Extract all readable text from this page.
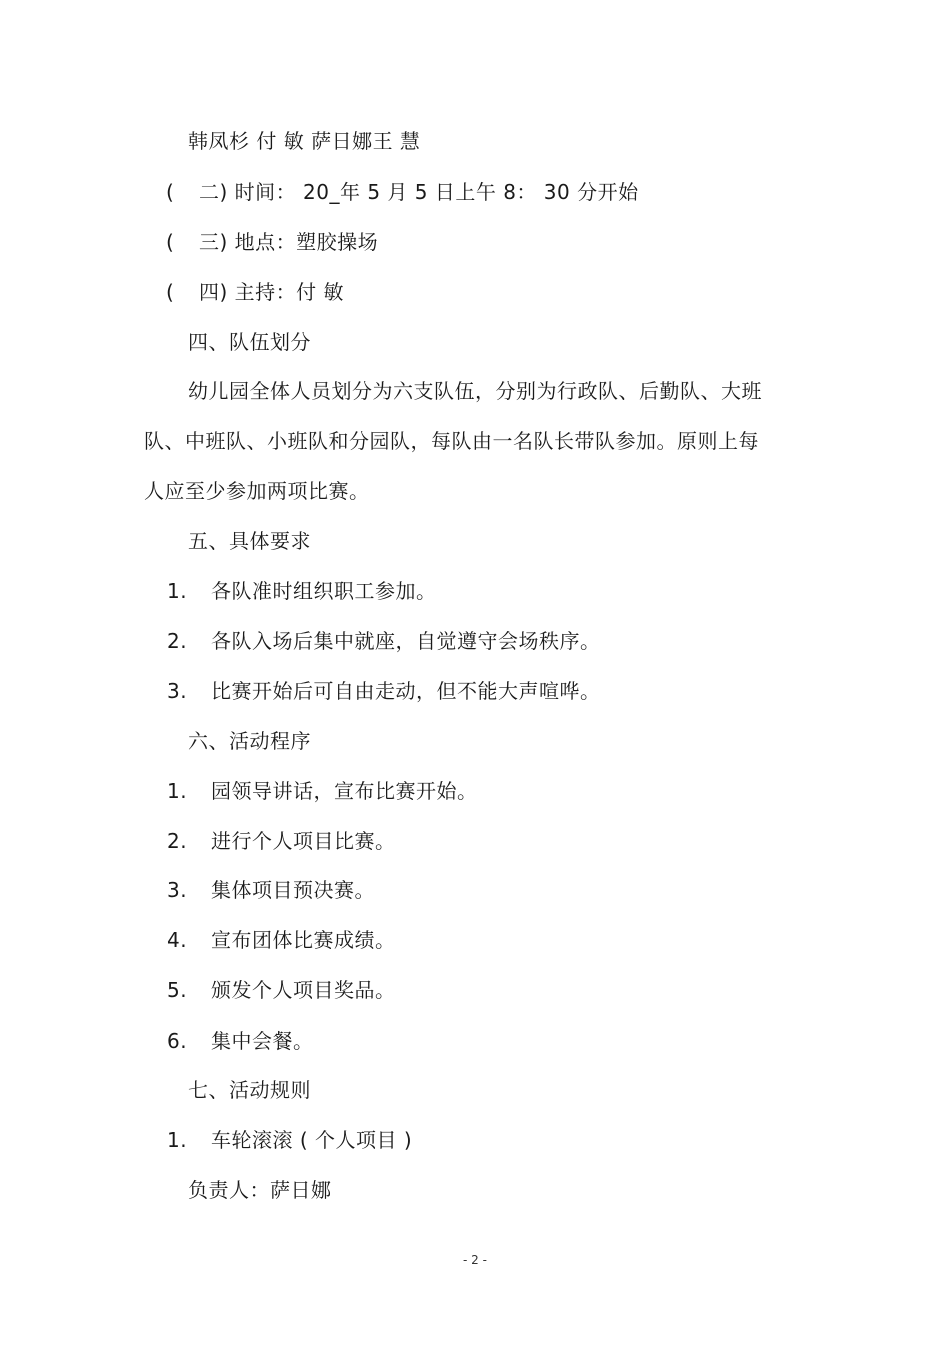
韩凤杉 付 敏 萨日娜王 慧
( 二) 时间： 20_年 5 月 5 日上午 8： 30 分开始
( 三) 地点：塑胶操场
( 四) 主持：付 敏
四、队伍划分
幼儿园全体人员划分为六支队伍，分别为行政队、后勤队、大班
队、中班队、小班队和分园队，每队由一名队长带队参加。原则上每
人应至少参加两项比赛。
五、具体要求
1. 各队准时组织职工参加。
2. 各队入场后集中就座，自觉遵守会场秩序。
3. 比赛开始后可自由走动，但不能大声喧哗。
六、活动程序
1. 园领导讲话，宣布比赛开始。
2. 进行个人项目比赛。
3. 集体项目预决赛。
4. 宣布团体比赛成绩。
5. 颁发个人项目奖品。
6. 集中会餐。
七、活动规则
1. 车轮滚滚 ( 个人项目 )
负责人：萨日娜
- 2 -
